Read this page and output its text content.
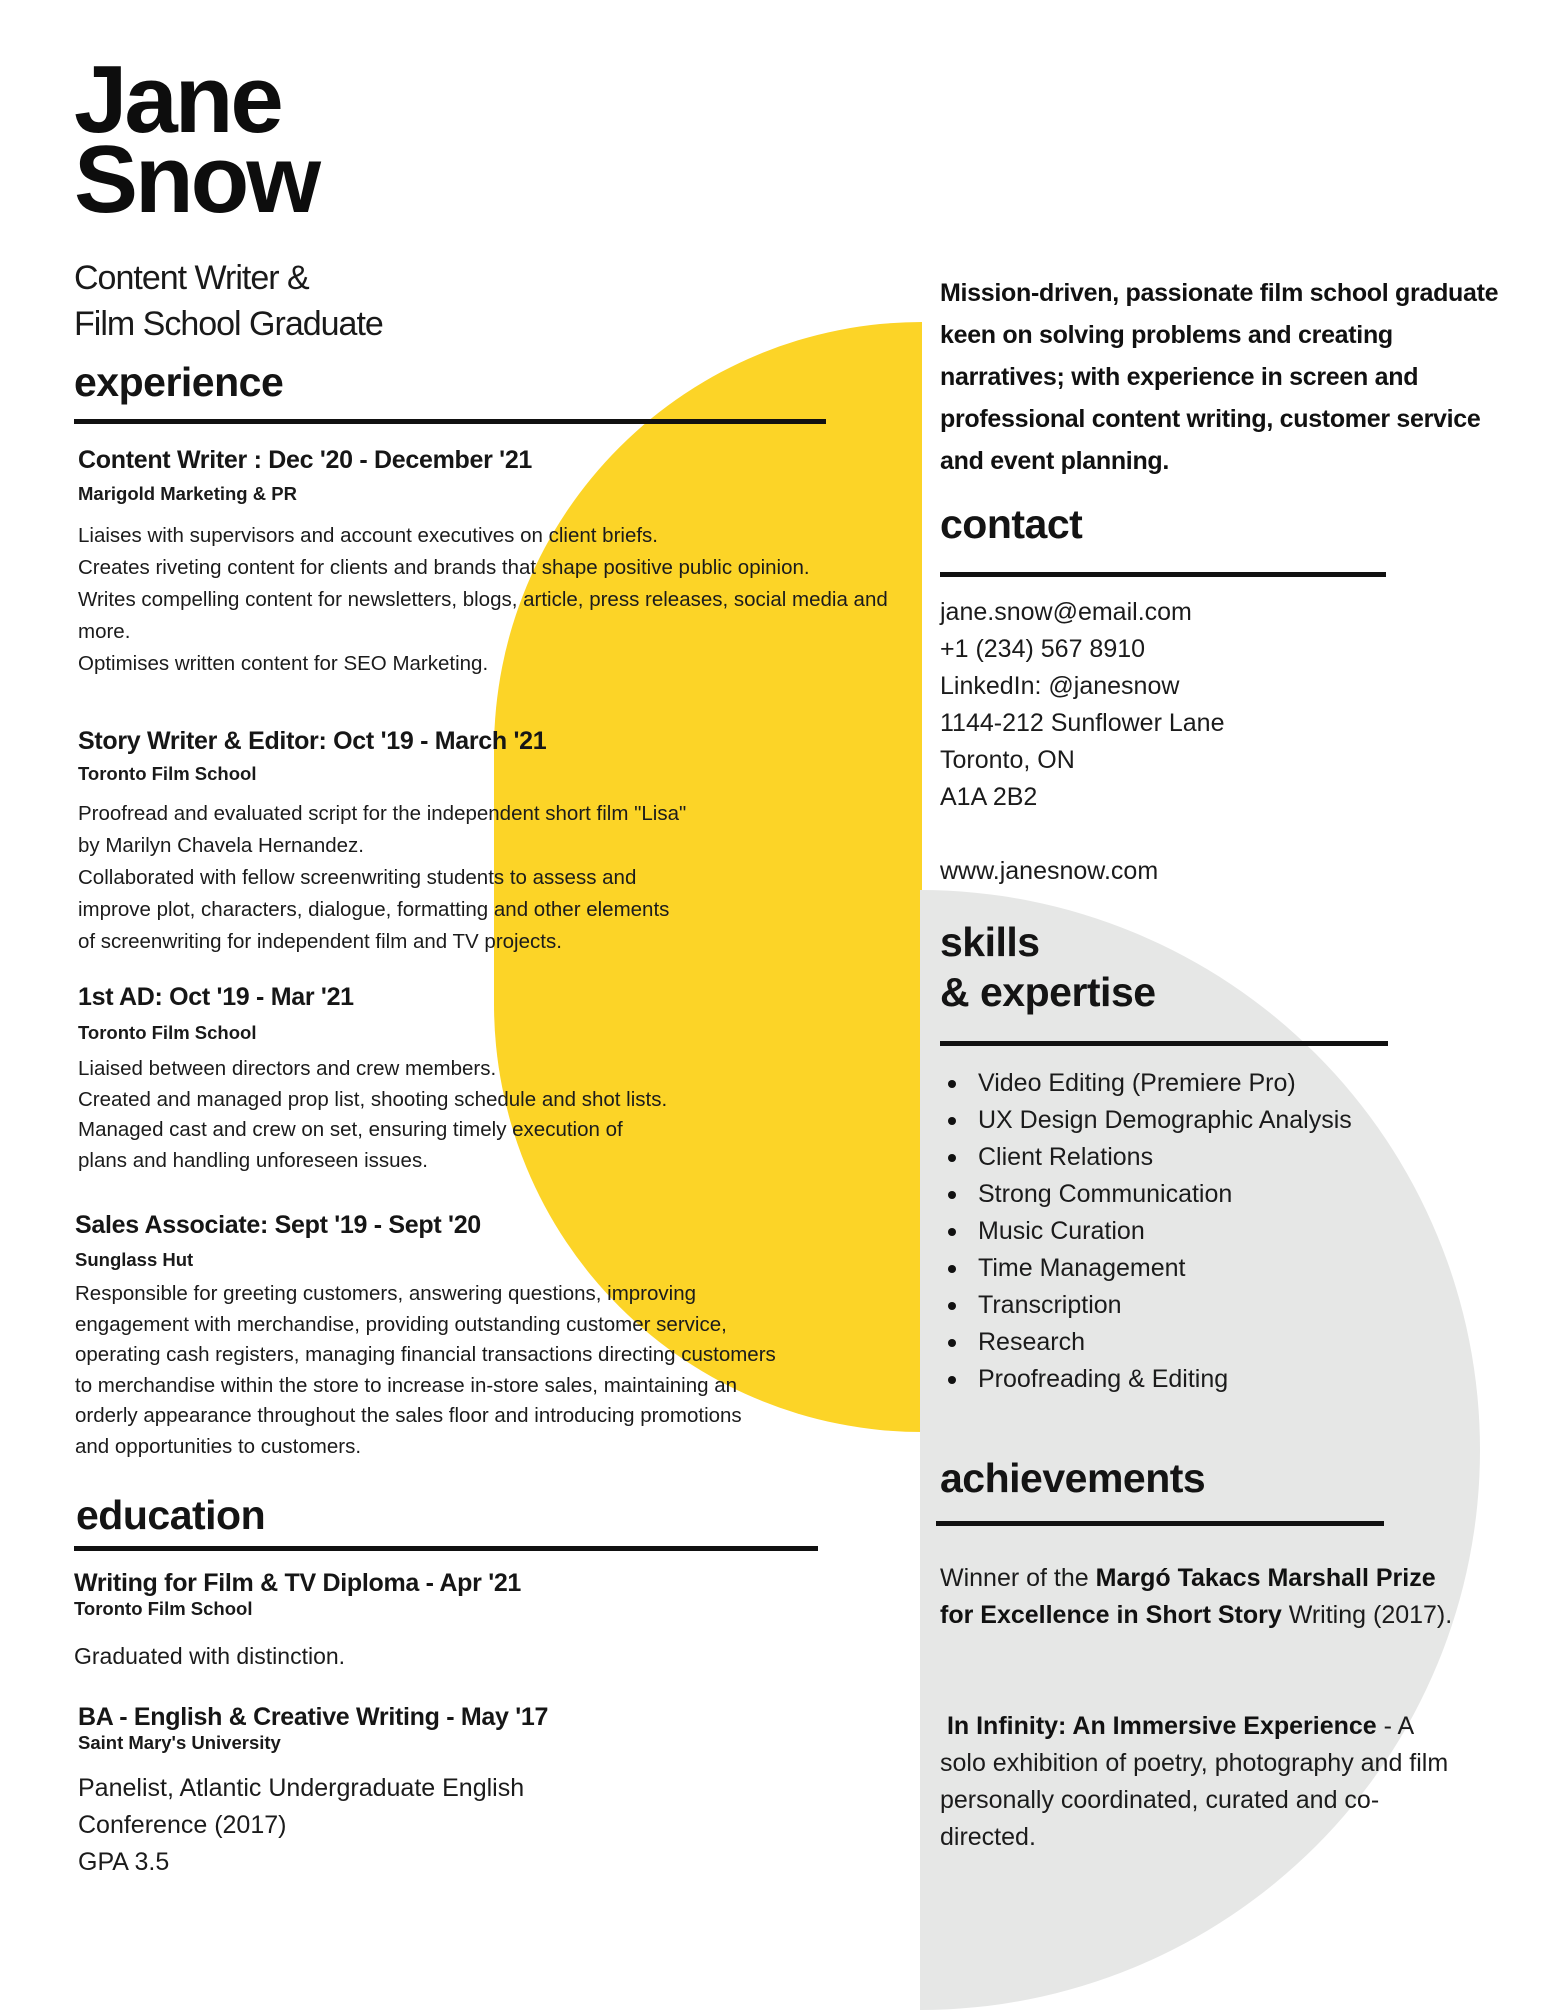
Jane
Snow

Content Writer &
Film School Graduate

Mission-driven, passionate film school graduate keen on solving problems and creating narratives; with experience in screen and professional content writing, customer service and event planning.

experience

Content Writer : Dec '20 - December '21

Marigold Marketing & PR

Liaises with supervisors and account executives on client briefs.
Creates riveting content for clients and brands that shape positive public opinion.
Writes compelling content for newsletters, blogs, article, press releases, social media and more.
Optimises written content for SEO Marketing.

Story Writer & Editor: Oct '19 - March '21

Toronto Film School

Proofread and evaluated script for the independent short film "Lisa"
by Marilyn Chavela Hernandez.
Collaborated with fellow screenwriting students to assess and
improve plot, characters, dialogue, formatting and other elements
of screenwriting for independent film and TV projects.

1st AD: Oct '19 - Mar '21

Toronto Film School

Liaised between directors and crew members.
Created and managed prop list, shooting schedule and shot lists.
Managed cast and crew on set, ensuring timely execution of
plans and handling unforeseen issues.

Sales Associate: Sept '19 - Sept '20

Sunglass Hut

Responsible for greeting customers, answering questions, improving
engagement with merchandise, providing outstanding customer service,
operating cash registers, managing financial transactions directing customers
to merchandise within the store to increase in-store sales, maintaining an
orderly appearance throughout the sales floor and introducing promotions
and opportunities to customers.

education

Writing for Film & TV Diploma - Apr '21

Toronto Film School

Graduated with distinction.

BA - English & Creative Writing - May '17

Saint Mary's University

Panelist, Atlantic Undergraduate English
Conference (2017)
GPA 3.5

contact

jane.snow@email.com

+1 (234) 567 8910

LinkedIn: @janesnow

1144-212 Sunflower Lane

Toronto, ON

A1A 2B2

www.janesnow.com

skills
& expertise
Video Editing (Premiere Pro)
UX Design Demographic Analysis
Client Relations
Strong Communication
Music Curation
Time Management
Transcription
Research
Proofreading & Editing
achievements

Winner of the Margó Takacs Marshall Prize for Excellence in Short Story Writing (2017).

In Infinity: An Immersive Experience - A solo exhibition of poetry, photography and film personally coordinated, curated and co-directed.
